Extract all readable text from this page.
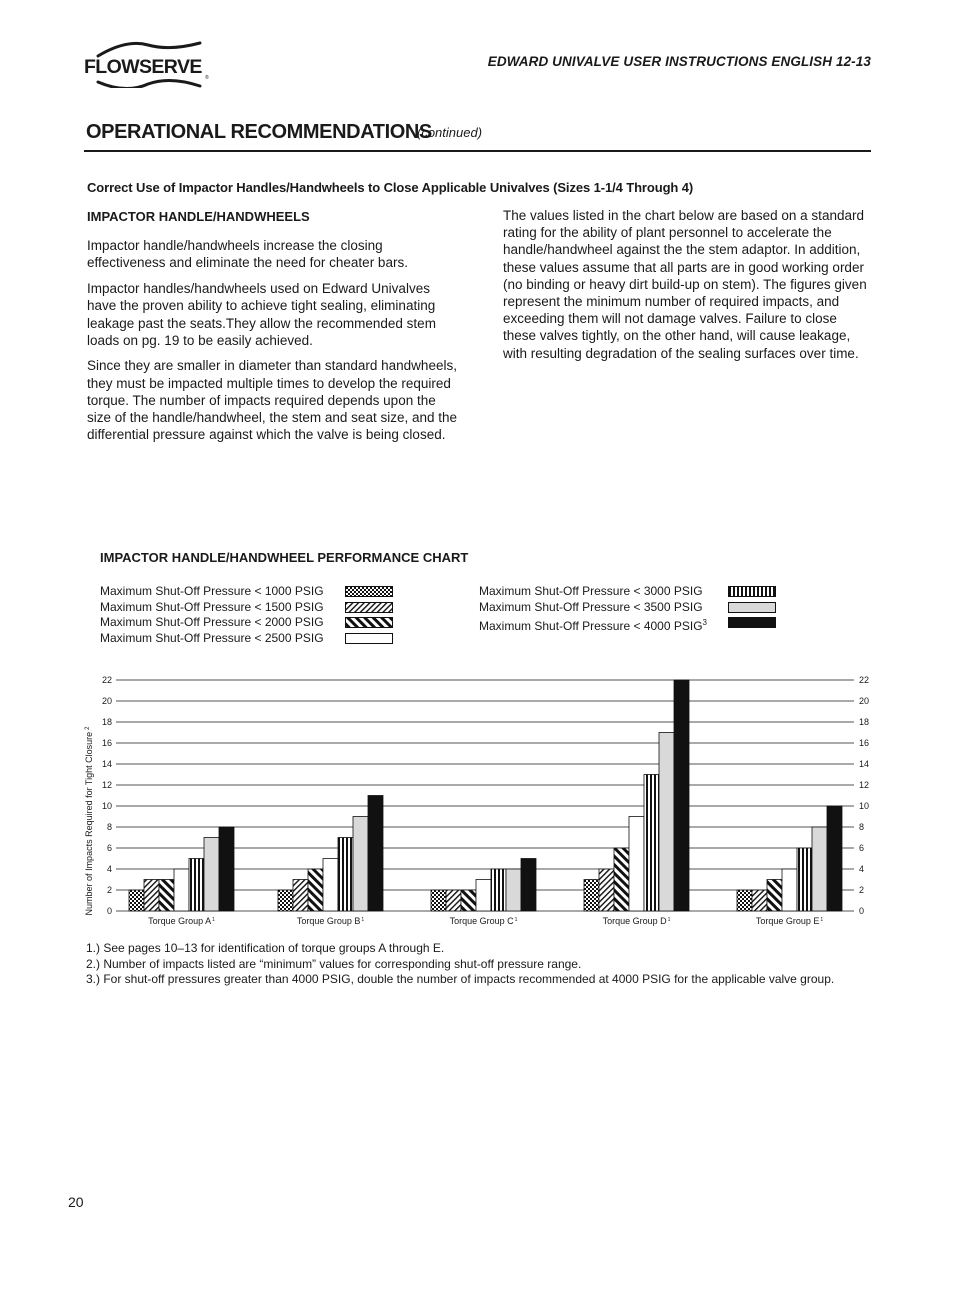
FLOWSERVE ®
EDWARD UNIVALVE USER INSTRUCTIONS ENGLISH 12-13
OPERATIONAL RECOMMENDATIONS
(continued)
Correct Use of Impactor Handles/Handwheels to Close Applicable Univalves (Sizes 1-1/4 Through 4)
IMPACTOR HANDLE/HANDWHEELS

Impactor handle/handwheels increase the closing effectiveness and eliminate the need for cheater bars.

Impactor handles/handwheels used on Edward Univalves have the proven ability to achieve tight sealing, eliminating leakage past the seats.They allow the recommended stem loads on pg. 19 to be easily achieved.

Since they are smaller in diameter than standard handwheels, they must be impacted multiple times to develop the required torque. The number of impacts required depends upon the size of the handle/handwheel, the stem and seat size, and the differential pressure against which the valve is being closed.

The values listed in the chart below are based on a standard rating for the ability of plant personnel to accelerate the handle/handwheel against the the stem adaptor. In addition, these values assume that all parts are in good working order (no binding or heavy dirt build-up on stem). The figures given represent the minimum number of required impacts, and exceeding them will not damage valves. Failure to close these valves tightly, on the other hand, will cause leakage, with resulting degradation of the sealing surfaces over time.

IMPACTOR HANDLE/HANDWHEEL PERFORMANCE CHART
Maximum Shut-Off Pressure < 1000 PSIG
Maximum Shut-Off Pressure < 1500 PSIG
Maximum Shut-Off Pressure < 2000 PSIG
Maximum Shut-Off Pressure < 2500 PSIG
Maximum Shut-Off Pressure < 3000 PSIG
Maximum Shut-Off Pressure < 3500 PSIG
Maximum Shut-Off Pressure < 4000 PSIG$^3$
0	0
2	2
4	4
6	6
8	8
10	10
12	12
14	14
16	16
18	18
20	20
22	22
Torque Group $A^1$	Torque Group $B^1$	Torque Group $C^1$	Torque Group $D^1$	Torque Group $E^1$
Number of Impacts Required for Tight Closure$^2$
1.) See pages 10–13 for identification of torque groups A through E.
2.) Number of impacts listed are “minimum” values for corresponding shut-off pressure range.
3.) For shut-off pressures greater than 4000 PSIG, double the number of impacts recommended at 4000 PSIG for the applicable valve group.
20
